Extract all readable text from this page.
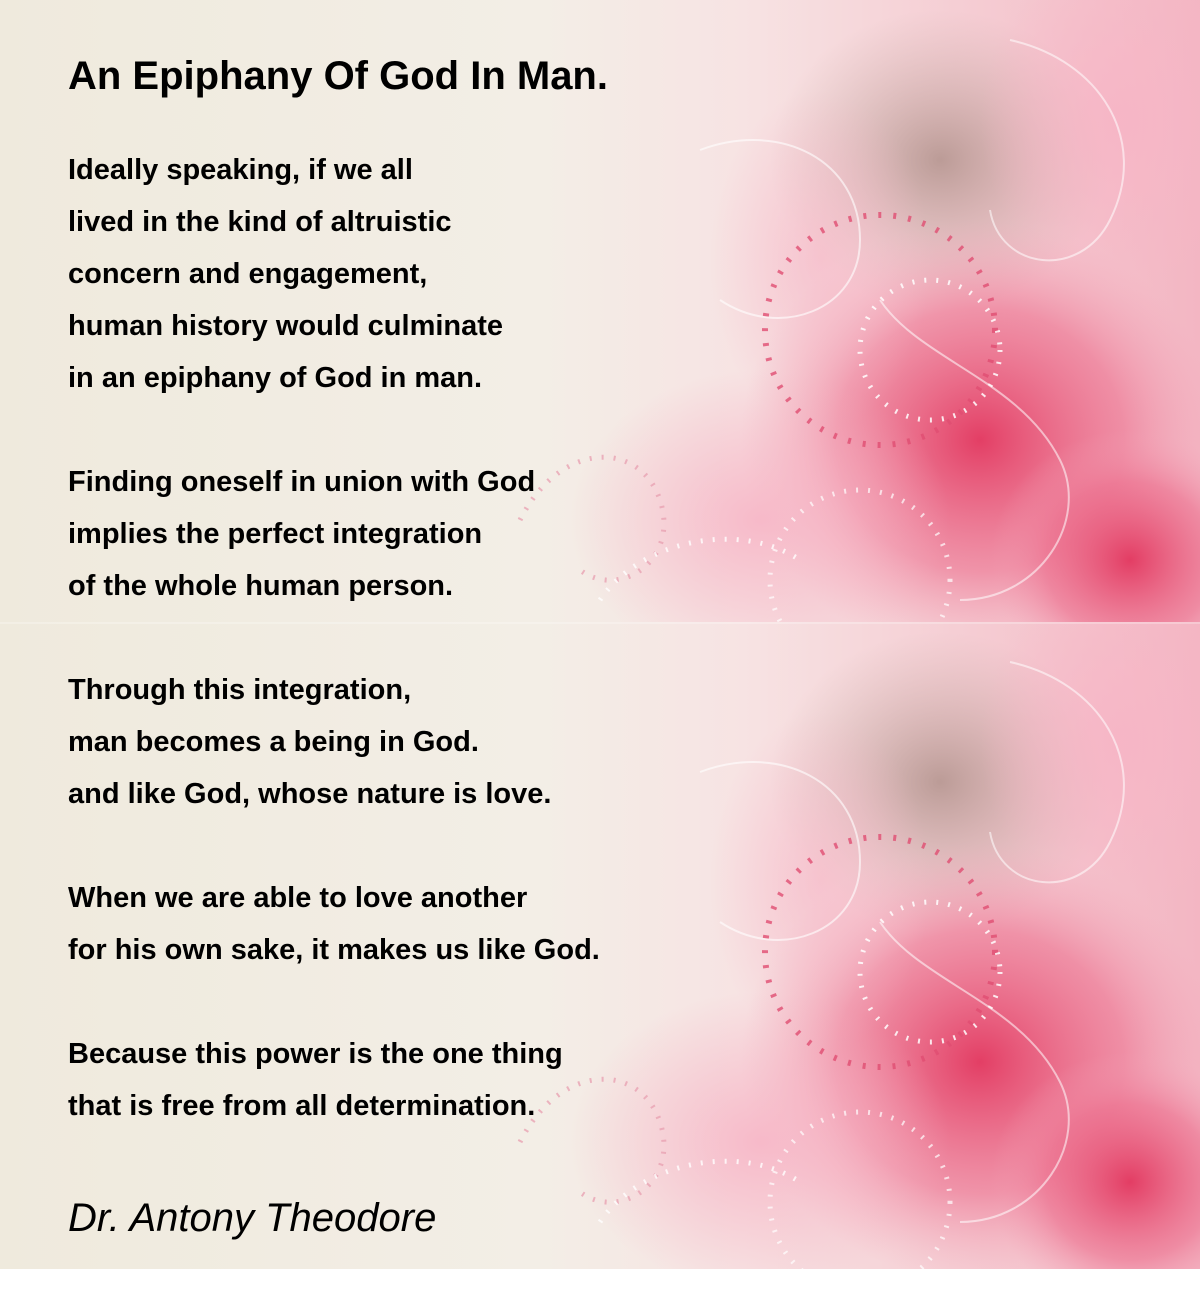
An Epiphany Of God In Man.
Ideally speaking, if we all
lived in the kind of altruistic
concern and engagement,
human history would culminate
in an epiphany of God in man.
Finding oneself in union with God
implies the perfect integration
of the whole human person.
Through this integration,
man becomes a being in God.
and like God, whose nature is love.
When we are able to love another
for his own sake, it makes us like God.
Because this power is the one thing
that is free from all determination.
Dr. Antony Theodore
